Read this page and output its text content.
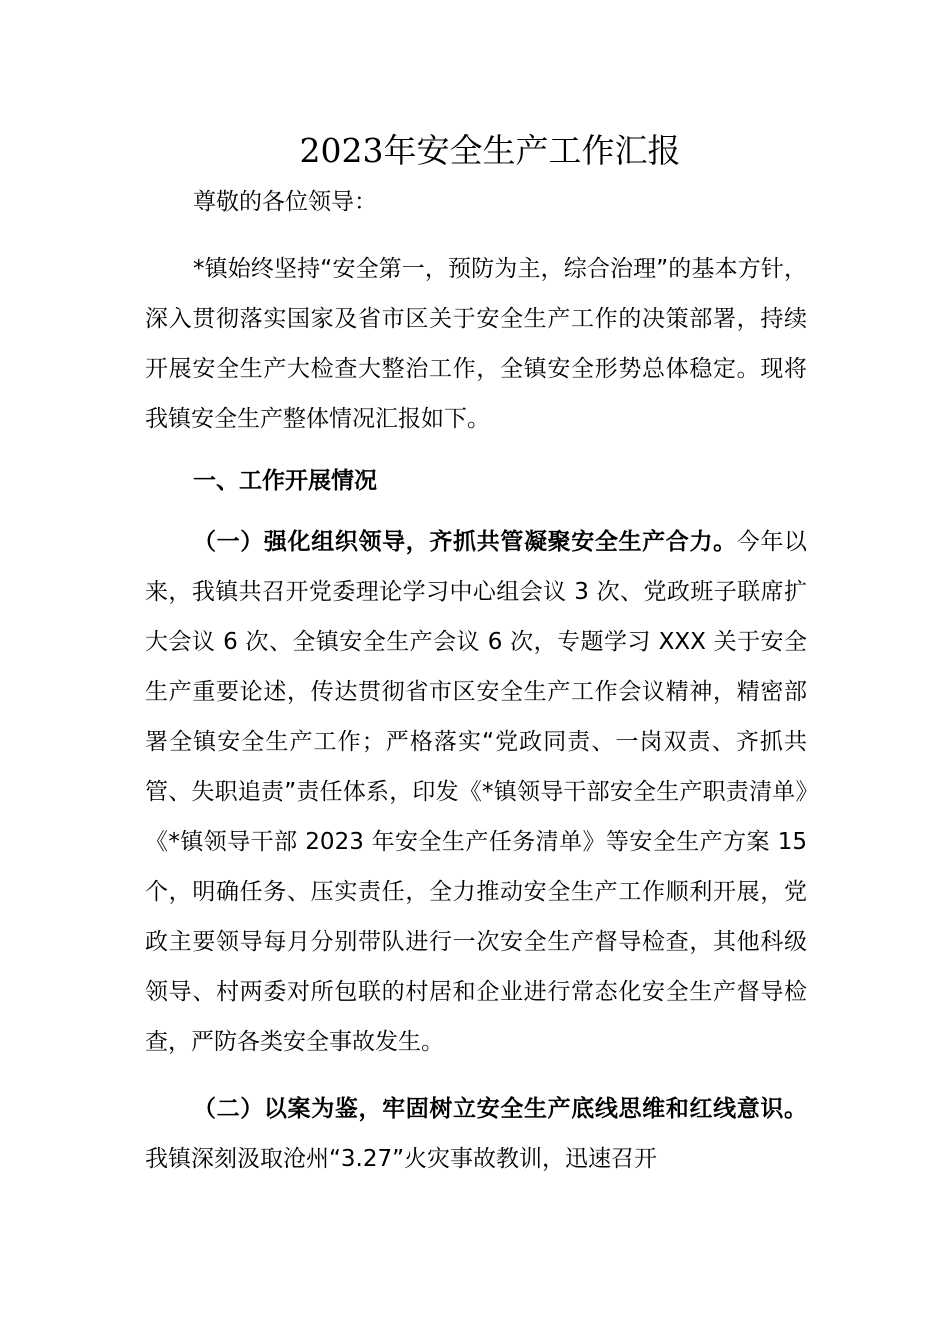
2023年安全生产工作汇报

尊敬的各位领导：

*镇始终坚持“安全第一，预防为主，综合治理”的基本方针，深入贯彻落实国家及省市区关于安全生产工作的决策部署，持续开展安全生产大检查大整治工作，全镇安全形势总体稳定。现将我镇安全生产整体情况汇报如下。

一、工作开展情况

（一）强化组织领导，齐抓共管凝聚安全生产合力。今年以来，我镇共召开党委理论学习中心组会议 3 次、党政班子联席扩大会议 6 次、全镇安全生产会议 6 次，专题学习 XXX 关于安全生产重要论述，传达贯彻省市区安全生产工作会议精神，精密部署全镇安全生产工作；严格落实“党政同责、一岗双责、齐抓共管、失职追责”责任体系，印发《*镇领导干部安全生产职责清单》《*镇领导干部 2023 年安全生产任务清单》等安全生产方案 15 个，明确任务、压实责任，全力推动安全生产工作顺利开展，党政主要领导每月分别带队进行一次安全生产督导检查，其他科级领导、村两委对所包联的村居和企业进行常态化安全生产督导检查，严防各类安全事故发生。

（二）以案为鉴，牢固树立安全生产底线思维和红线意识。我镇深刻汲取沧州“3.27”火灾事故教训，迅速召开
